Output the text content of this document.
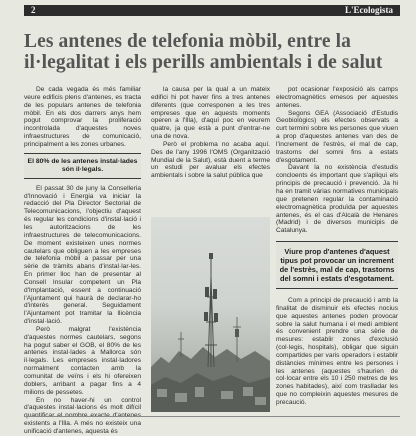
2	L'Ecologista
Les antenes de telefonia mòbil, entre la il·legalitat i els perills ambientals i de salut

De cada vegada és més familiar veure edificis plens d'antenes, es tracta de les populars antenes de telefonia mòbil. En els dos darrers anys hem pogut comprovar la proliferació incontrolada d'aquestes noves infraestructures de comunicació, principalment a les zones urbanes.

El 80% de les antenes instal·lades són il·legals.

El passat 30 de juny la Conselleria d'Innovació i Energia va iniciar la redacció del Pla Director Sectorial de Telecomunicacions, l'objectiu d'aquest és regular les condicions d'instal·lació i les autoritzacions de les infraestructures de telecomunicacions. De moment existeixen unes normes cautelars que obliguen a les empreses de telefonia mòbil a passar per una sèrie de tràmits abans d'instal·lar-les. En primer lloc han de presentar al Consell Insular competent un Pla d'Implantació, essent a continuació l'Ajuntament qui haurà de declarar-ho d'interès general. Seguidament l'Ajuntament pot tramitar la llicència d'instal·lació.

Però malgrat l'existència d'aquestes normes cautelars, segons ha pogut saber el GOB, el 80% de les antenes instal·lades a Mallorca són il·legals. Les empreses instal·ladores normalment contacten amb la comunitat de veïns i els hi ofereixen doblers, arribant a pagar fins a 4 milions de pessetes.

En no haver-hi un control d'aquestes instal·lacions és molt difícil quantificar el nombre exacte d'antenes existents a l'Illa. A més no existeix una unificació d'antenes, aquesta és

la causa per la qual a un mateix edifici hi pot haver fins a tres antenes diferents (que corresponen a les tres empreses que en aquests moments operen a l'Illa), d'aquí poc en veurem quatre, ja que està a punt d'entrar-ne una de nova.

Però el problema no acaba aquí. Des de l'any 1996 l'OMS (Organització Mundial de la Salut), està duent a terme un estudi per avaluar els efectes ambientals i sobre la salut pública que

pot ocasionar l'exposició als camps electromagnètics emesos per aquestes antenes.

Segons GEA (Associació d'Estudis Geobiològics) els efectes observats a curt termini sobre les persones que viuen a prop d'aquestes antenes van des de l'increment de l'estrès, el mal de cap, trastorns del somni fins a estats d'esgotament.

Davant la no existència d'estudis concloents és important que s'apliqui els principis de precaució i prevenció. Ja hi ha en tramit várias normatives municipals que pretenen regular la contaminació electromagnètica produïda per aquestes antenes, és el cas d'Alcalà de Henares (Madrid) i de diversos municipis de Catalunya.

Viure prop d'antenes d'aquest tipus pot provocar un increment de l'estrès, mal de cap, trastorns del somni i estats d'esgotament.

Com a principi de precaució i amb la finalitat de disminuir els efectes nocius que aquestes antenes poden provocar sobre la salut humana i el medi ambient és convenient prendre una sèrie de mesures: establir zones d'exclusió (col·legis, hospitals), obligar que siguin compartides per varis operadors i establir distàncies mínimes entre les persones i les antenes (aquestes s'haurien de col·locar entre els 10 i 250 metres de les zones habitades), així com traslladar les que no compleixin aquestes mesures de precaució.
